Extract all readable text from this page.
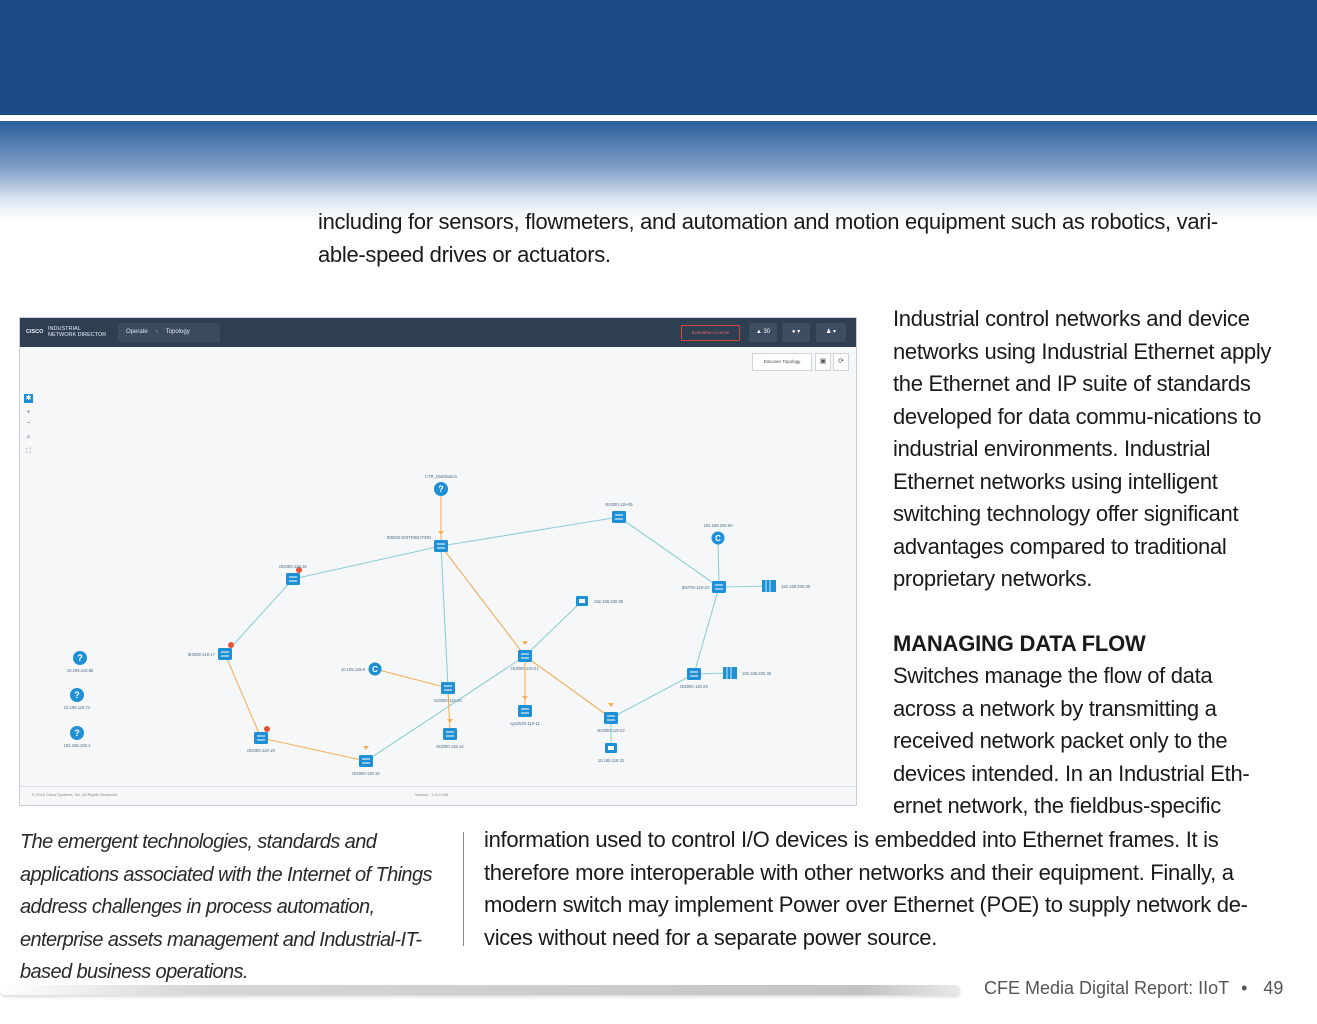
including for sensors, flowmeters, and automation and motion equipment such as robotics, vari-able-speed drives or actuators.
CISCO INDUSTRIAL
NETWORK DIRECTOR	Operate › Topology	Evaluation License	▲ 30	● ▾	♟ ▾
Discover Topology	▣	⟳
✱
+
−
⌕
⛶
?
CTR_Distribution
IE5000-DISTRIBUTION
IE4000-119-05
IE2000-119-16
IE3000-119-17
IE2000-119-19
IE3000-119-15
IE3000-119-20
IE3000-119-21
IE3000-119-14
cgs2520-119-11
IE4000-119-22
IE3000-119-23
IE5700-119-24
C
192.168.200.60
C
10.195.119.9
192.168.200.80
192.168.200.30
192.168.200.35
10.195.118.31
?
10.195.118.85
?
10.195.119.71
?
192.168.100.1
© 2016 Cisco Systems, Inc. All Rights Reserved.	Version : 1.0.0.208
Industrial control networks and device networks using Industrial Ethernet apply the Ethernet and IP suite of standards developed for data commu-nications to industrial environments. Industrial Ethernet networks using intelligent switching technology offer significant advantages compared to traditional proprietary networks.
MANAGING DATA FLOW
Switches manage the flow of data across a network by transmitting a received network packet only to the devices intended. In an Industrial Eth-ernet network, the fieldbus-specific
The emergent technologies, standards and applications associated with the Internet of Things address challenges in process automation, enterprise assets management and Industrial-IT-based business operations.
information used to control I/O devices is embedded into Ethernet frames. It is therefore more interoperable with other networks and their equipment. Finally, a modern switch may implement Power over Ethernet (POE) to supply network de-vices without need for a separate power source.
CFE Media Digital Report: IIoT • 49
